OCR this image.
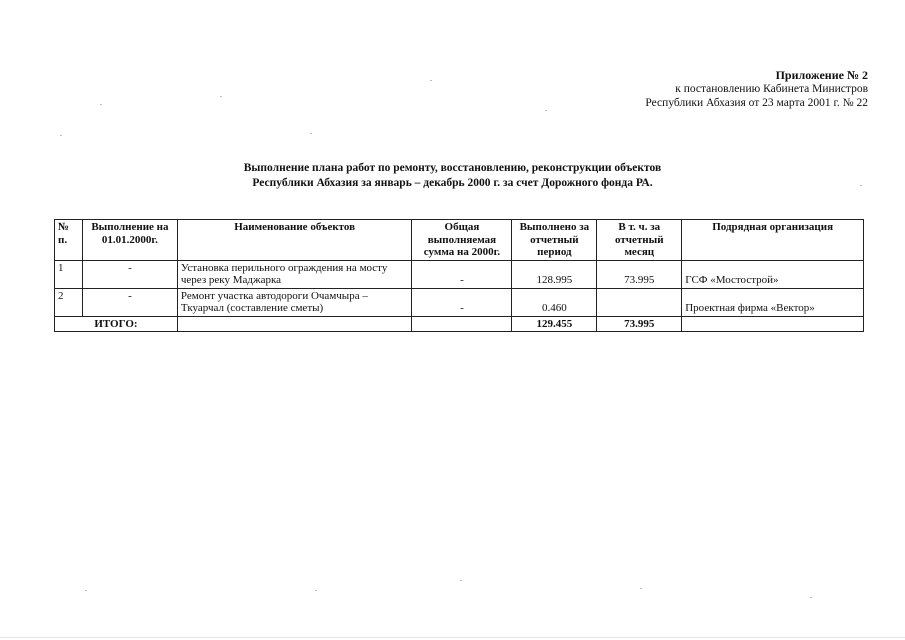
Приложение № 2
к постановлению Кабинета Министров
Республики Абхазия от 23 марта 2001 г. № 22
Выполнение плана работ по ремонту, восстановлению, реконструкции объектов
Республики Абхазия за январь – декабрь 2000 г. за счет Дорожного фонда РА.
№ п.	Выполнение на 01.01.2000г.	Наименование объектов	Общая выполняемая сумма на 2000г.	Выполнено за отчетный период	В т. ч. за отчетный месяц	Подрядная организация
1	-	Установка перильного ограждения на мосту через реку Маджарка	-	128.995	73.995	ГСФ «Мостострой»
2	-	Ремонт участка автодороги Очамчыра – Ткуарчал (составление сметы)	-	0.460		Проектная фирма «Вектор»
ИТОГО:				129.455	73.995	
